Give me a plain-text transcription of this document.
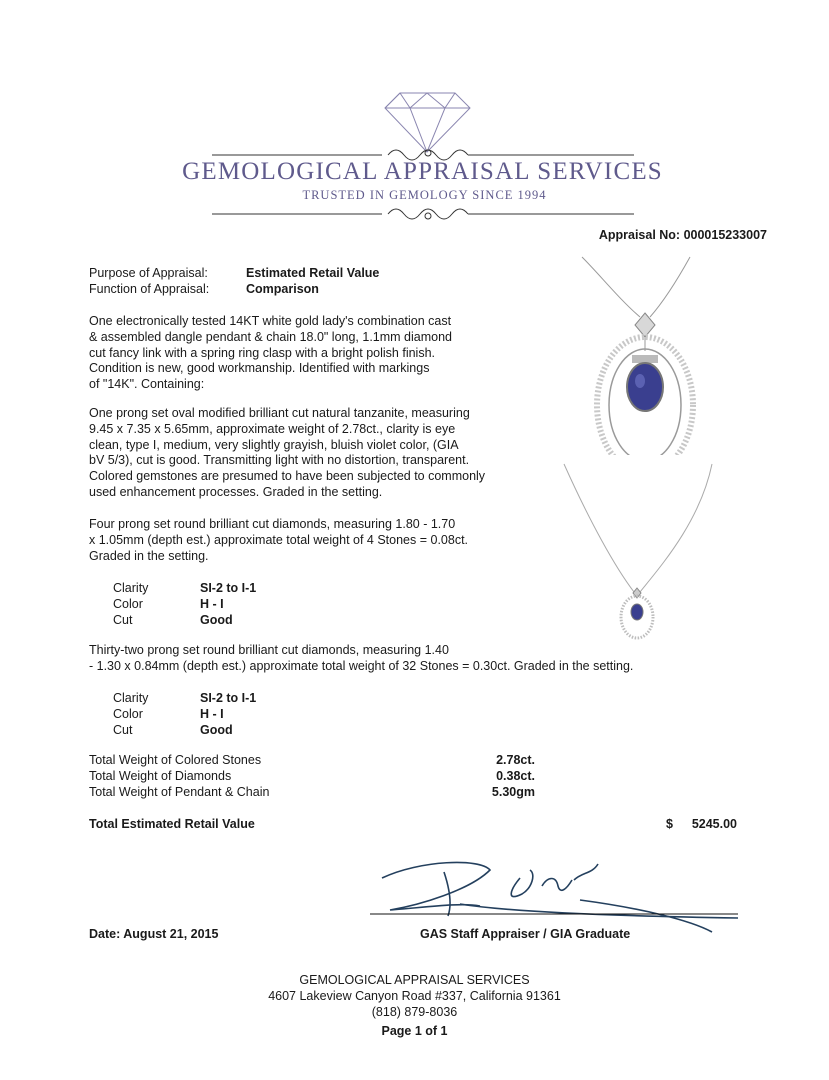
GEMOLOGICAL APPRAISAL SERVICES
TRUSTED IN GEMOLOGY SINCE 1994
Appraisal No: 000015233007
Purpose of Appraisal:	Estimated Retail Value
Function of Appraisal:	Comparison

One electronically tested 14KT white gold lady's combination cast
& assembled dangle pendant & chain 18.0" long, 1.1mm diamond
cut fancy link with a spring ring clasp with a bright polish finish.
Condition is new, good workmanship. Identified with markings
of "14K". Containing:

One prong set oval modified brilliant cut natural tanzanite, measuring
9.45 x 7.35 x 5.65mm, approximate weight of 2.78ct., clarity is eye
clean, type I, medium, very slightly grayish, bluish violet color, (GIA
bV 5/3), cut is good. Transmitting light with no distortion, transparent.
Colored gemstones are presumed to have been subjected to commonly
used enhancement processes. Graded in the setting.

Four prong set round brilliant cut diamonds, measuring 1.80 - 1.70
x 1.05mm (depth est.) approximate total weight of 4 Stones = 0.08ct.
Graded in the setting.

Clarity	SI-2 to I-1
Color	H - I
Cut	Good

Thirty-two prong set round brilliant cut diamonds, measuring 1.40
- 1.30 x 0.84mm (depth est.) approximate total weight of 32 Stones = 0.30ct. Graded in the setting.

Clarity	SI-2 to I-1
Color	H - I
Cut	Good
Total Weight of Colored Stones	2.78ct.
Total Weight of Diamonds	0.38ct.
Total Weight of Pendant & Chain	5.30gm
Total Estimated Retail Value	$ 5245.00
Date: August 21, 2015	GAS Staff Appraiser / GIA Graduate
GEMOLOGICAL APPRAISAL SERVICES
4607 Lakeview Canyon Road #337, California 91361
(818) 879-8036
Page 1 of 1
